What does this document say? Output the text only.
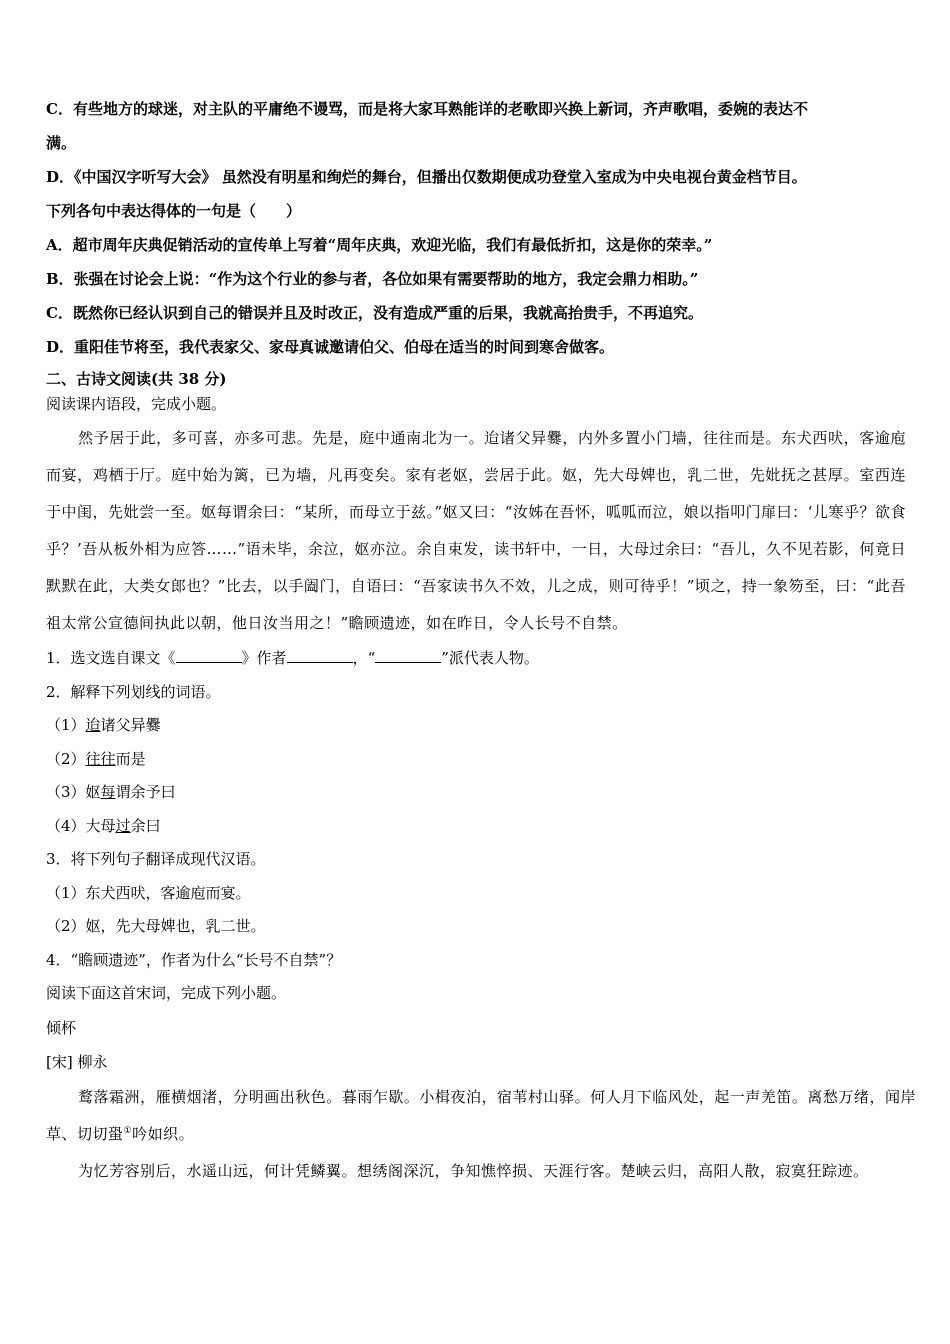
C．有些地方的球迷，对主队的平庸绝不谩骂，而是将大家耳熟能详的老歌即兴换上新词，齐声歌唱，委婉的表达不
满。
D．《中国汉字听写大会》 虽然没有明星和绚烂的舞台，但播出仅数期便成功登堂入室成为中央电视台黄金档节目。
下列各句中表达得体的一句是（　　）
A．超市周年庆典促销活动的宣传单上写着“周年庆典，欢迎光临，我们有最低折扣，这是你的荣幸。”
B．张强在讨论会上说：“作为这个行业的参与者，各位如果有需要帮助的地方，我定会鼎力相助。”
C．既然你已经认识到自己的错误并且及时改正，没有造成严重的后果，我就高抬贵手，不再追究。
D．重阳佳节将至，我代表家父、家母真诚邀请伯父、伯母在适当的时间到寒舍做客。
二、古诗文阅读(共 38 分)
阅读课内语段，完成小题。
然予居于此，多可喜，亦多可悲。先是，庭中通南北为一。迨诸父异爨，内外多置小门墙，往往而是。东犬西吠，客逾庖而宴，鸡栖于厅。庭中始为篱，已为墙，凡再变矣。家有老妪，尝居于此。妪，先大母婢也，乳二世，先妣抚之甚厚。室西连于中闺，先妣尝一至。妪每谓余曰：“某所，而母立于兹。”妪又曰：“汝姊在吾怀，呱呱而泣，娘以指叩门扉曰：‘儿寒乎？欲食乎？’吾从板外相为应答……”语未毕，余泣，妪亦泣。余自束发，读书轩中，一日，大母过余曰：“吾儿，久不见若影，何竟日默默在此，大类女郎也？”比去，以手阖门，自语曰：“吾家读书久不效，儿之成，则可待乎！”顷之，持一象笏至，曰：“此吾祖太常公宣德间执此以朝，他日汝当用之！”瞻顾遗迹，如在昨日，令人长号不自禁。
1．选文选自课文《	》作者	，“	”派代表人物。
2．解释下列划线的词语。
（1）迨诸父异爨
（2）往往而是
（3）妪每谓余予曰
（4）大母过余曰
3．将下列句子翻译成现代汉语。
（1）东犬西吠，客逾庖而宴。
（2）妪，先大母婢也，乳二世。
4．“瞻顾遗迹”，作者为什么“长号不自禁”？
阅读下面这首宋词，完成下列小题。
倾杯
[宋] 柳永
鹜落霜洲，雁横烟渚，分明画出秋色。暮雨乍歇。小楫夜泊，宿苇村山驿。何人月下临风处，起一声羌笛。离愁万绪，闻岸草、切切蛩①吟如织。
为忆芳容别后，水遥山远，何计凭鳞翼。想绣阁深沉，争知憔悴损、天涯行客。楚峡云归，高阳人散，寂寞狂踪迹。
